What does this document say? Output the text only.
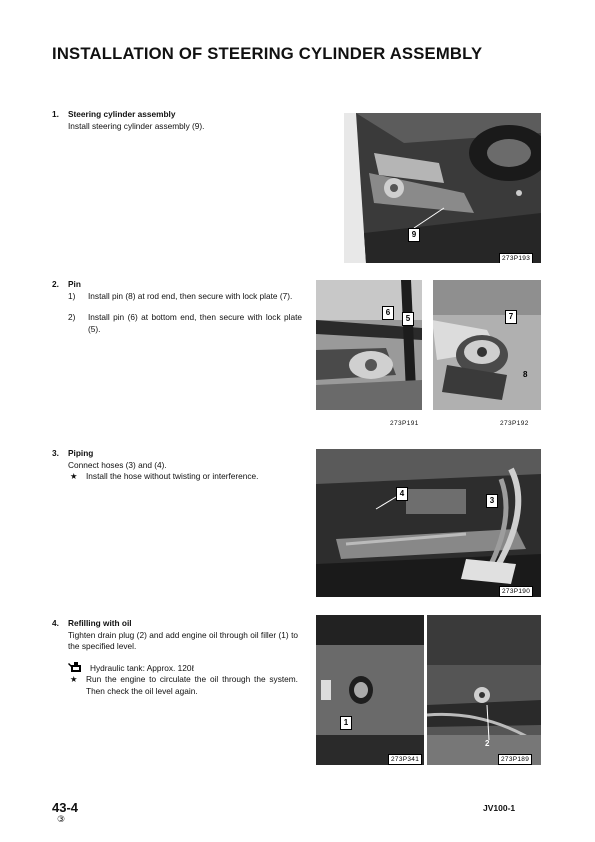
INSTALLATION OF STEERING CYLINDER ASSEMBLY

1. Steering cylinder assembly

Install steering cylinder assembly (9).

2. Pin

1) Install pin (8) at rod end, then secure with lock plate (7).

2) Install pin (6) at bottom end, then secure with lock plate (5).

3. Piping

Connect hoses (3) and (4).

★ Install the hose without twisting or interference.

4. Refilling with oil

Tighten drain plug (2) and add engine oil through oil filler (1) to the specified level.

Hydraulic tank: Approx. 120ℓ

★ Run the engine to circulate the oil through the system. Then check the oil level again.

9
273P193
6
5	7
8
273P191	273P192
4
3
273P190
1
273P341
2
273P189
43-4
③
JV100-1
